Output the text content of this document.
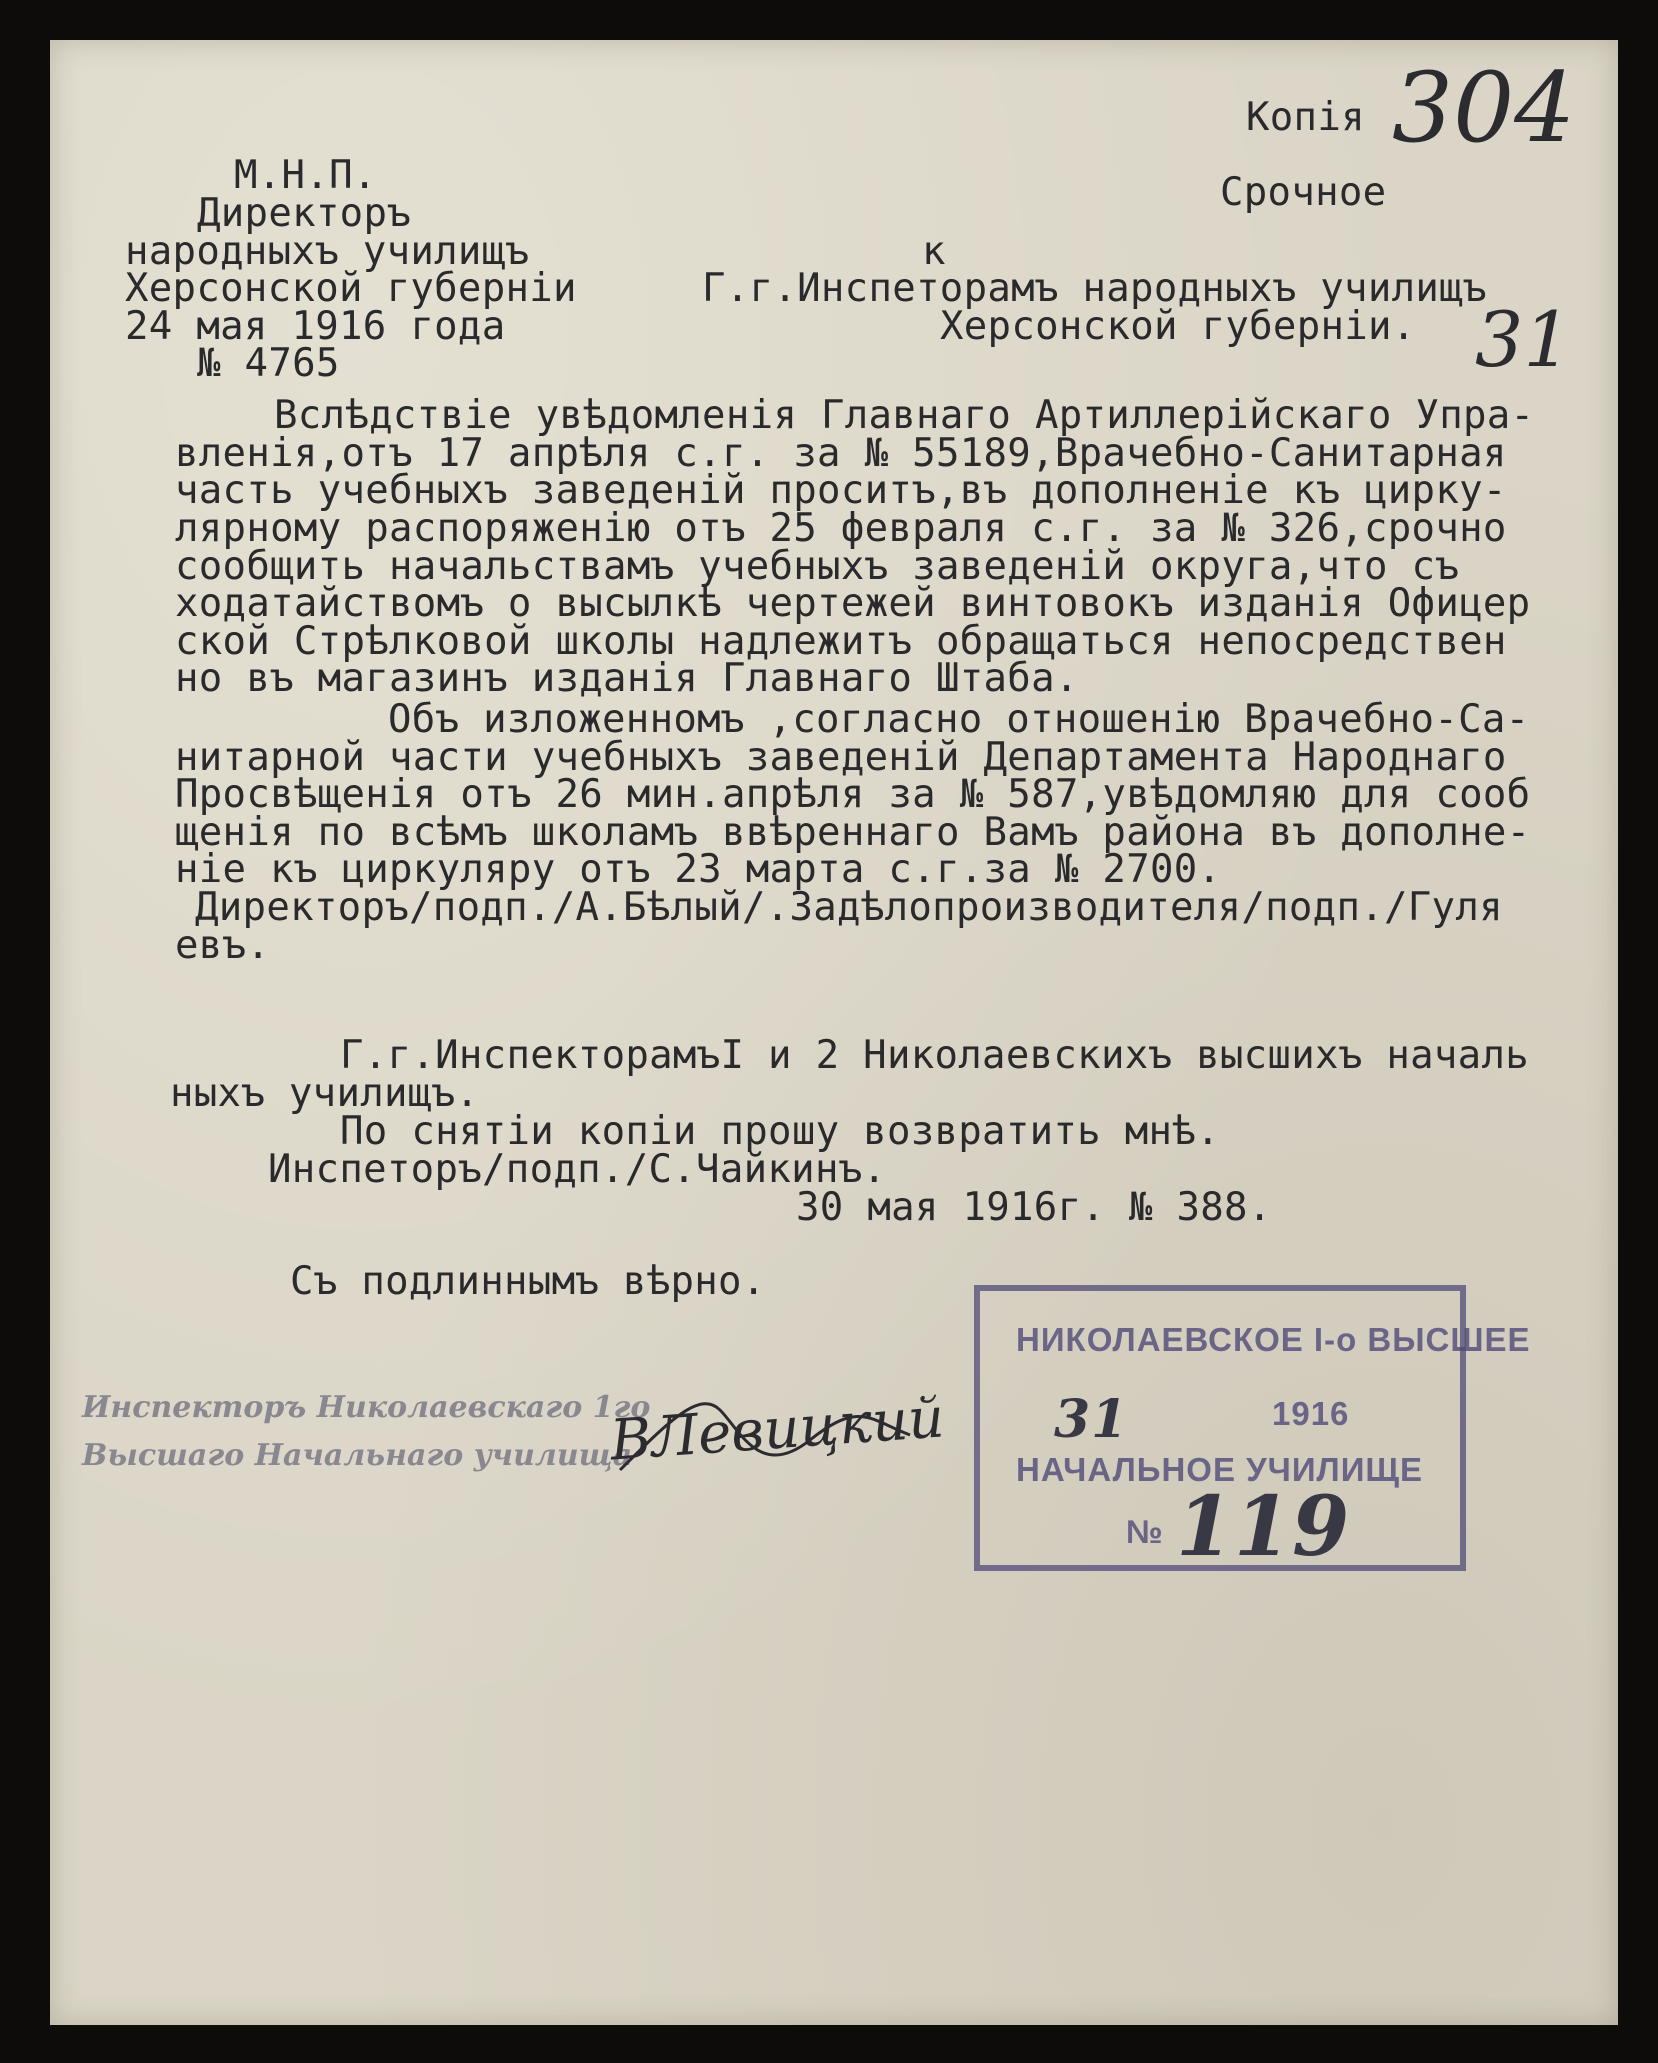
Копія 304
Срочное
31
М.Н.П.
Директоръ
народныхъ училищъ
Херсонской губерніи
24 мая 1916 года
№ 4765
к
Г.г.Инспеторамъ народныхъ училищъ
Херсонской губерніи.
Вслѣдствіе увѣдомленія Главнаго Артиллерійскаго Упра-
вленія,отъ 17 апрѣля с.г. за № 55189,Врачебно-Санитарная
часть учебныхъ заведеній проситъ,въ дополненіе къ цирку-
лярному распоряженію отъ 25 февраля с.г. за № 326,срочно
сообщить начальствамъ учебныхъ заведеній округа,что съ
ходатайствомъ о высылкѣ чертежей винтовокъ изданія Офицер
ской Стрѣлковой школы надлежитъ обращаться непосредствен
но въ магазинъ изданія Главнаго Штаба.
Объ изложенномъ ,согласно отношенію Врачебно-Са-
нитарной части учебныхъ заведеній Департамента Народнаго
Просвѣщенія отъ 26 мин.апрѣля за № 587,увѣдомляю для сооб
щенія по всѣмъ школамъ ввѣреннаго Вамъ района въ дополне-
ніе къ циркуляру отъ 23 марта с.г.за № 2700.
Директоръ/подп./А.Бѣлый/.Задѣлопроизводителя/подп./Гуля
евъ.
Г.г.ИнспекторамъI и 2 Николаевскихъ высшихъ началь
ныхъ училищъ.
По снятіи копіи прошу возвратить мнѣ.
Инспеторъ/подп./С.Чайкинъ.
30 мая 1916г. № 388.
Съ подлиннымъ вѣрно.
Инспекторъ Николаевскаго 1го
Высшаго Начальнаго училища
ВЛевицкий
НИКОЛАЕВСКОЕ I-о ВЫСШЕЕ
31	1916
НАЧАЛЬНОЕ УЧИЛИЩЕ
№ 119
